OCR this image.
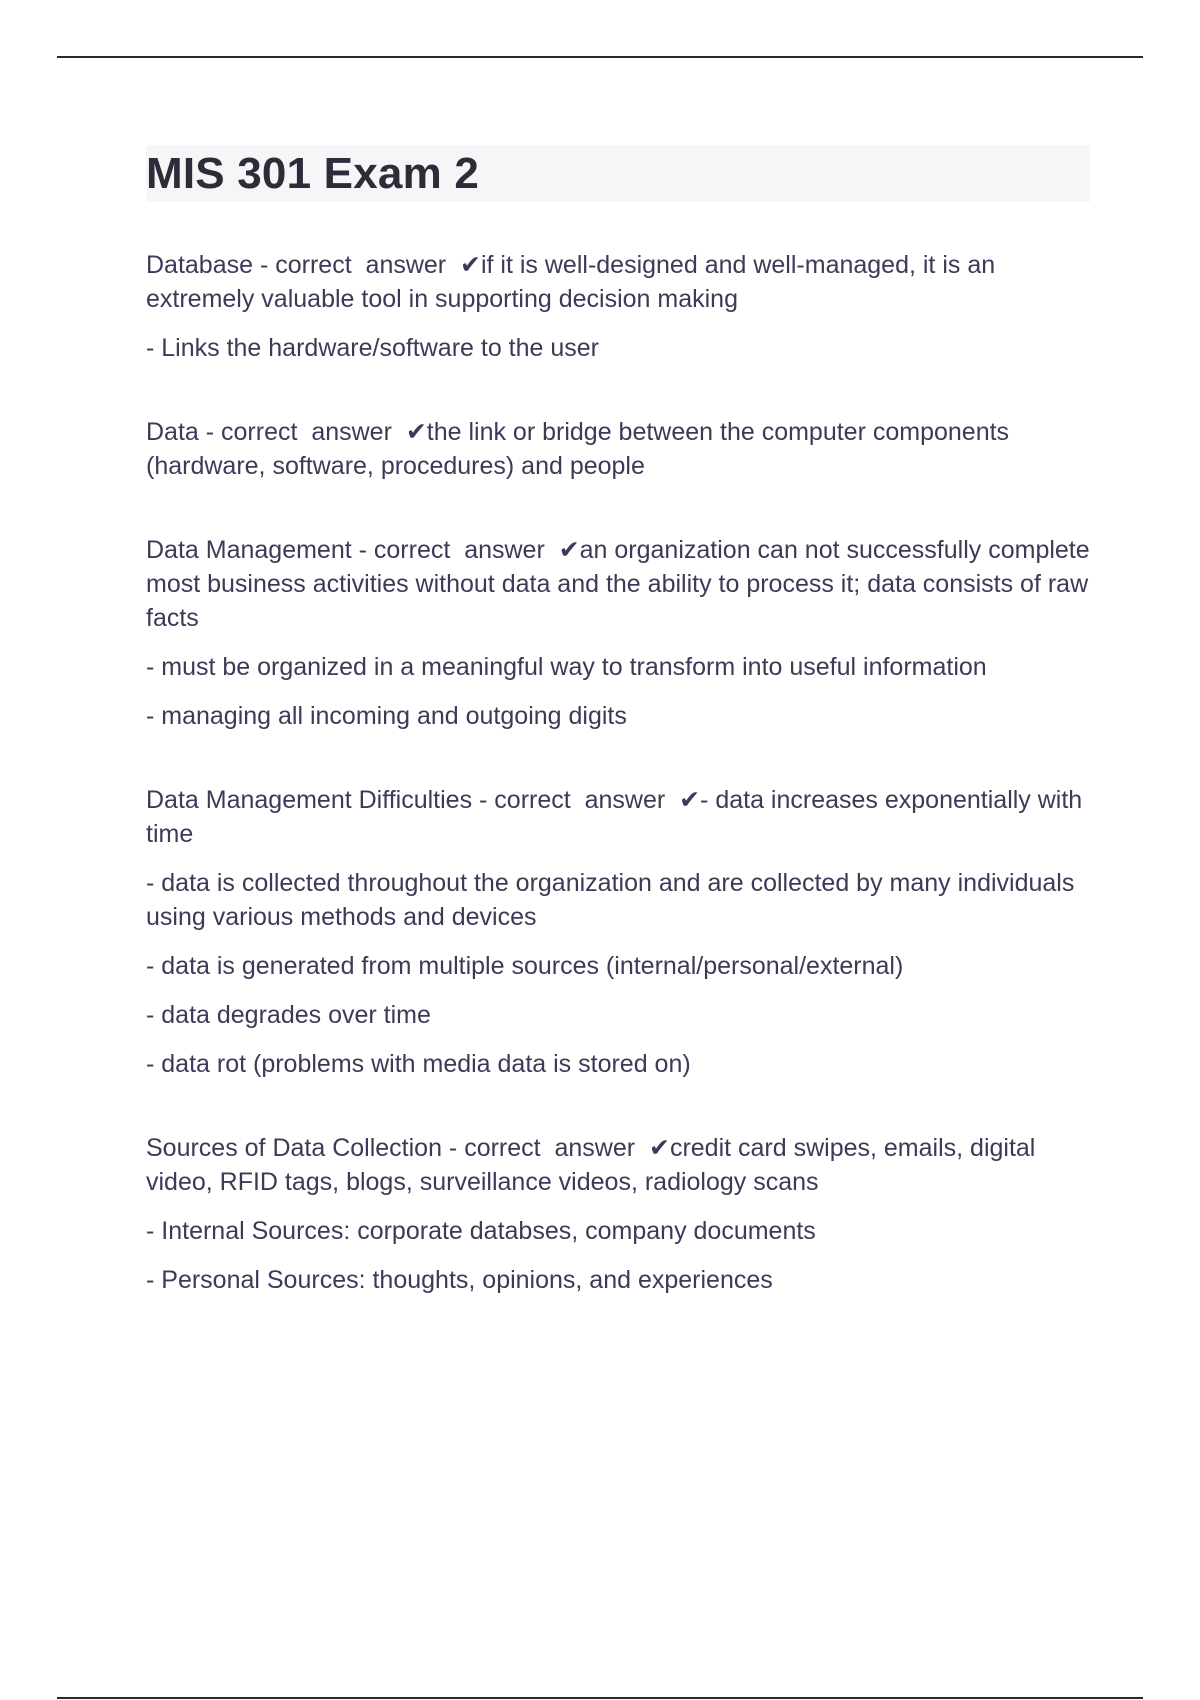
MIS 301 Exam 2

Database - correct  answer  ✔if it is well-designed and well-managed, it is an extremely valuable tool in supporting decision making

- Links the hardware/software to the user

Data - correct  answer  ✔the link or bridge between the computer components (hardware, software, procedures) and people

Data Management - correct  answer  ✔an organization can not successfully complete most business activities without data and the ability to process it; data consists of raw facts

- must be organized in a meaningful way to transform into useful information

- managing all incoming and outgoing digits

Data Management Difficulties - correct  answer  ✔- data increases exponentially with time

- data is collected throughout the organization and are collected by many individuals using various methods and devices

- data is generated from multiple sources (internal/personal/external)

- data degrades over time

- data rot (problems with media data is stored on)

Sources of Data Collection - correct  answer  ✔credit card swipes, emails, digital video, RFID tags, blogs, surveillance videos, radiology scans

- Internal Sources: corporate databses, company documents

- Personal Sources: thoughts, opinions, and experiences
